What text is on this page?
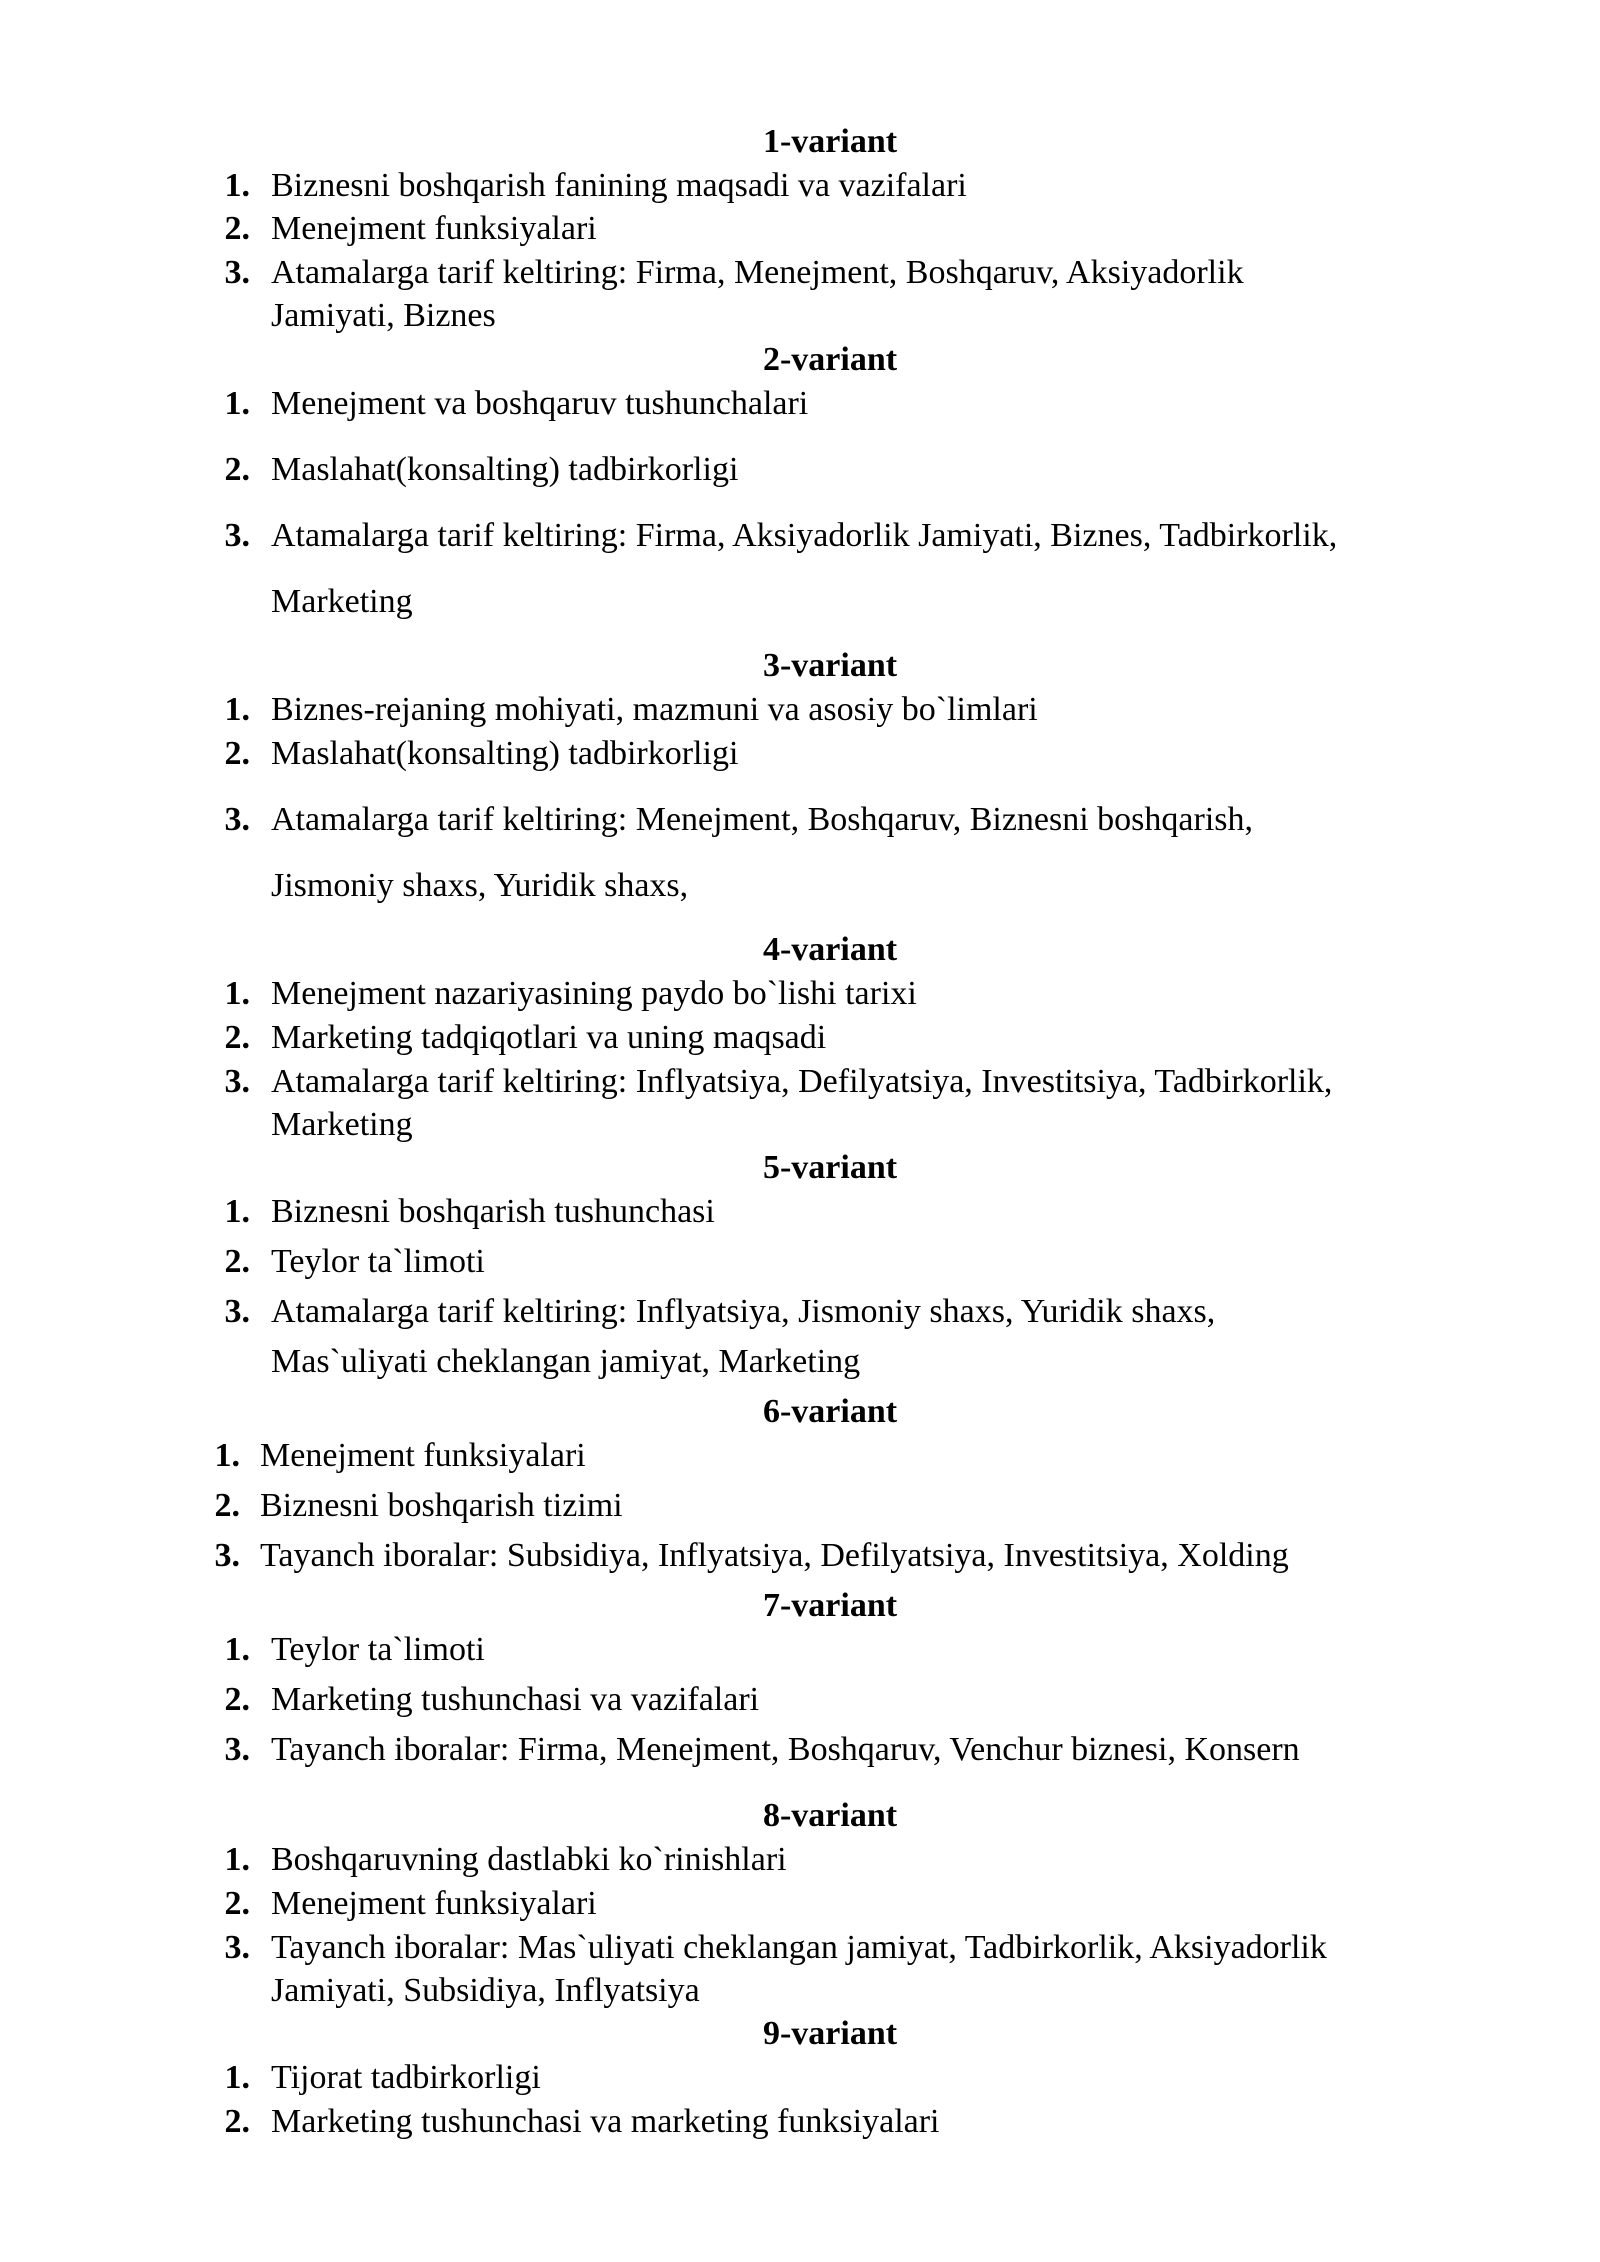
1-variant
1. Biznesni boshqarish fanining maqsadi va vazifalari
2. Menejment funksiyalari
3. Atamalarga tarif keltiring: Firma, Menejment, Boshqaruv, Aksiyadorlik
Jamiyati, Biznes
2-variant
1. Menejment va boshqaruv tushunchalari
2. Maslahat(konsalting) tadbirkorligi
3. Atamalarga tarif keltiring: Firma, Aksiyadorlik Jamiyati, Biznes, Tadbirkorlik,
Marketing
3-variant
1. Biznes-rejaning mohiyati, mazmuni va asosiy bo`limlari
2. Maslahat(konsalting) tadbirkorligi
3. Atamalarga tarif keltiring: Menejment, Boshqaruv, Biznesni boshqarish,
Jismoniy shaxs, Yuridik shaxs,
4-variant
1. Menejment nazariyasining paydo bo`lishi tarixi
2. Marketing tadqiqotlari va uning maqsadi
3. Atamalarga tarif keltiring: Inflyatsiya, Defilyatsiya, Investitsiya, Tadbirkorlik,
Marketing
5-variant
1. Biznesni boshqarish tushunchasi
2. Teylor ta`limoti
3. Atamalarga tarif keltiring: Inflyatsiya, Jismoniy shaxs, Yuridik shaxs,
Mas`uliyati cheklangan jamiyat, Marketing
6-variant
1. Menejment funksiyalari
2. Biznesni boshqarish tizimi
3. Tayanch iboralar: Subsidiya, Inflyatsiya, Defilyatsiya, Investitsiya, Xolding
7-variant
1. Teylor ta`limoti
2. Marketing tushunchasi va vazifalari
3. Tayanch iboralar: Firma, Menejment, Boshqaruv, Venchur biznesi, Konsern
8-variant
1. Boshqaruvning dastlabki ko`rinishlari
2. Menejment funksiyalari
3. Tayanch iboralar: Mas`uliyati cheklangan jamiyat, Tadbirkorlik, Aksiyadorlik
Jamiyati, Subsidiya, Inflyatsiya
9-variant
1. Tijorat tadbirkorligi
2. Marketing tushunchasi va marketing funksiyalari
